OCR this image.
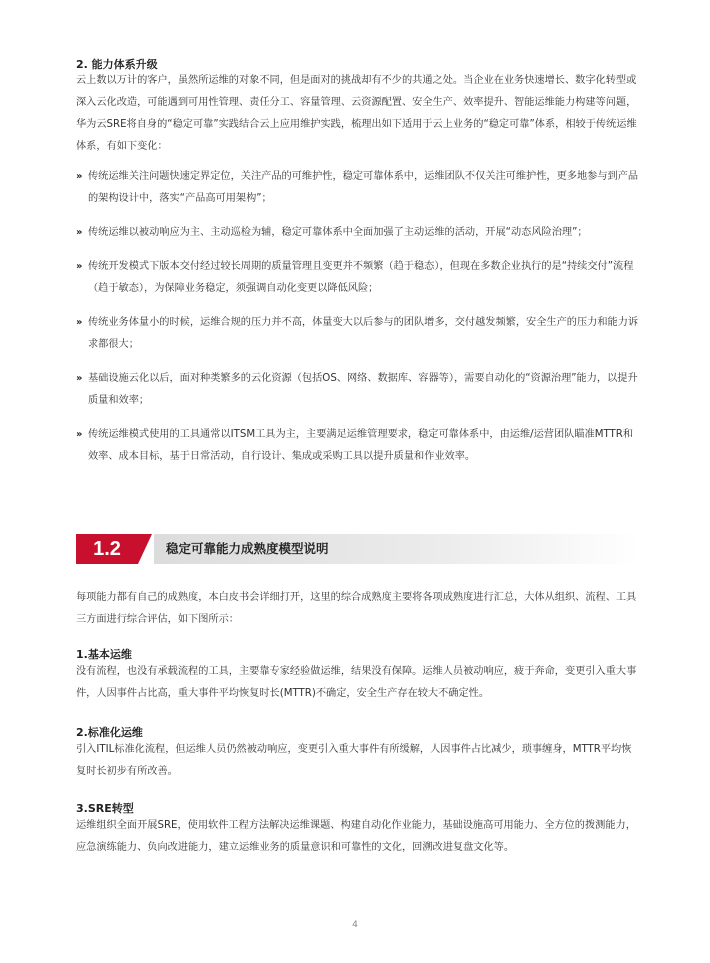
2. 能力体系升级
云上数以万计的客户，虽然所运维的对象不同，但是面对的挑战却有不少的共通之处。当企业在业务快速增长、数字化转型或深入云化改造，可能遇到可用性管理、责任分工、容量管理、云资源配置、安全生产、效率提升、智能运维能力构建等问题，华为云SRE将自身的“稳定可靠”实践结合云上应用维护实践，梳理出如下适用于云上业务的“稳定可靠”体系，相较于传统运维体系，有如下变化：
» 传统运维关注问题快速定界定位，关注产品的可维护性，稳定可靠体系中，运维团队不仅关注可维护性，更多地参与到产品的架构设计中，落实“产品高可用架构”；
» 传统运维以被动响应为主、主动巡检为辅，稳定可靠体系中全面加强了主动运维的活动，开展“动态风险治理”；
» 传统开发模式下版本交付经过较长周期的质量管理且变更并不频繁（趋于稳态），但现在多数企业执行的是“持续交付”流程（趋于敏态），为保障业务稳定，须强调自动化变更以降低风险；
» 传统业务体量小的时候，运维合规的压力并不高，体量变大以后参与的团队增多，交付越发频繁，安全生产的压力和能力诉求都很大；
» 基础设施云化以后，面对种类繁多的云化资源（包括OS、网络、数据库、容器等），需要自动化的“资源治理”能力，以提升质量和效率；
» 传统运维模式使用的工具通常以ITSM工具为主，主要满足运维管理要求，稳定可靠体系中，由运维/运营团队瞄准MTTR和效率、成本目标，基于日常活动，自行设计、集成或采购工具以提升质量和作业效率。
1.2	稳定可靠能力成熟度模型说明
每项能力都有自己的成熟度，本白皮书会详细打开，这里的综合成熟度主要将各项成熟度进行汇总，大体从组织、流程、工具三方面进行综合评估，如下图所示：
1.基本运维
没有流程，也没有承载流程的工具，主要靠专家经验做运维，结果没有保障。运维人员被动响应，疲于奔命，变更引入重大事件，人因事件占比高，重大事件平均恢复时长(MTTR)不确定，安全生产存在较大不确定性。
2.标准化运维
引入ITIL标准化流程，但运维人员仍然被动响应，变更引入重大事件有所缓解，人因事件占比减少，琐事缠身，MTTR平均恢复时长初步有所改善。
3.SRE转型
运维组织全面开展SRE，使用软件工程方法解决运维课题、构建自动化作业能力，基础设施高可用能力、全方位的拨测能力，应急演练能力、负向改进能力，建立运维业务的质量意识和可靠性的文化，回溯改进复盘文化等。
4
